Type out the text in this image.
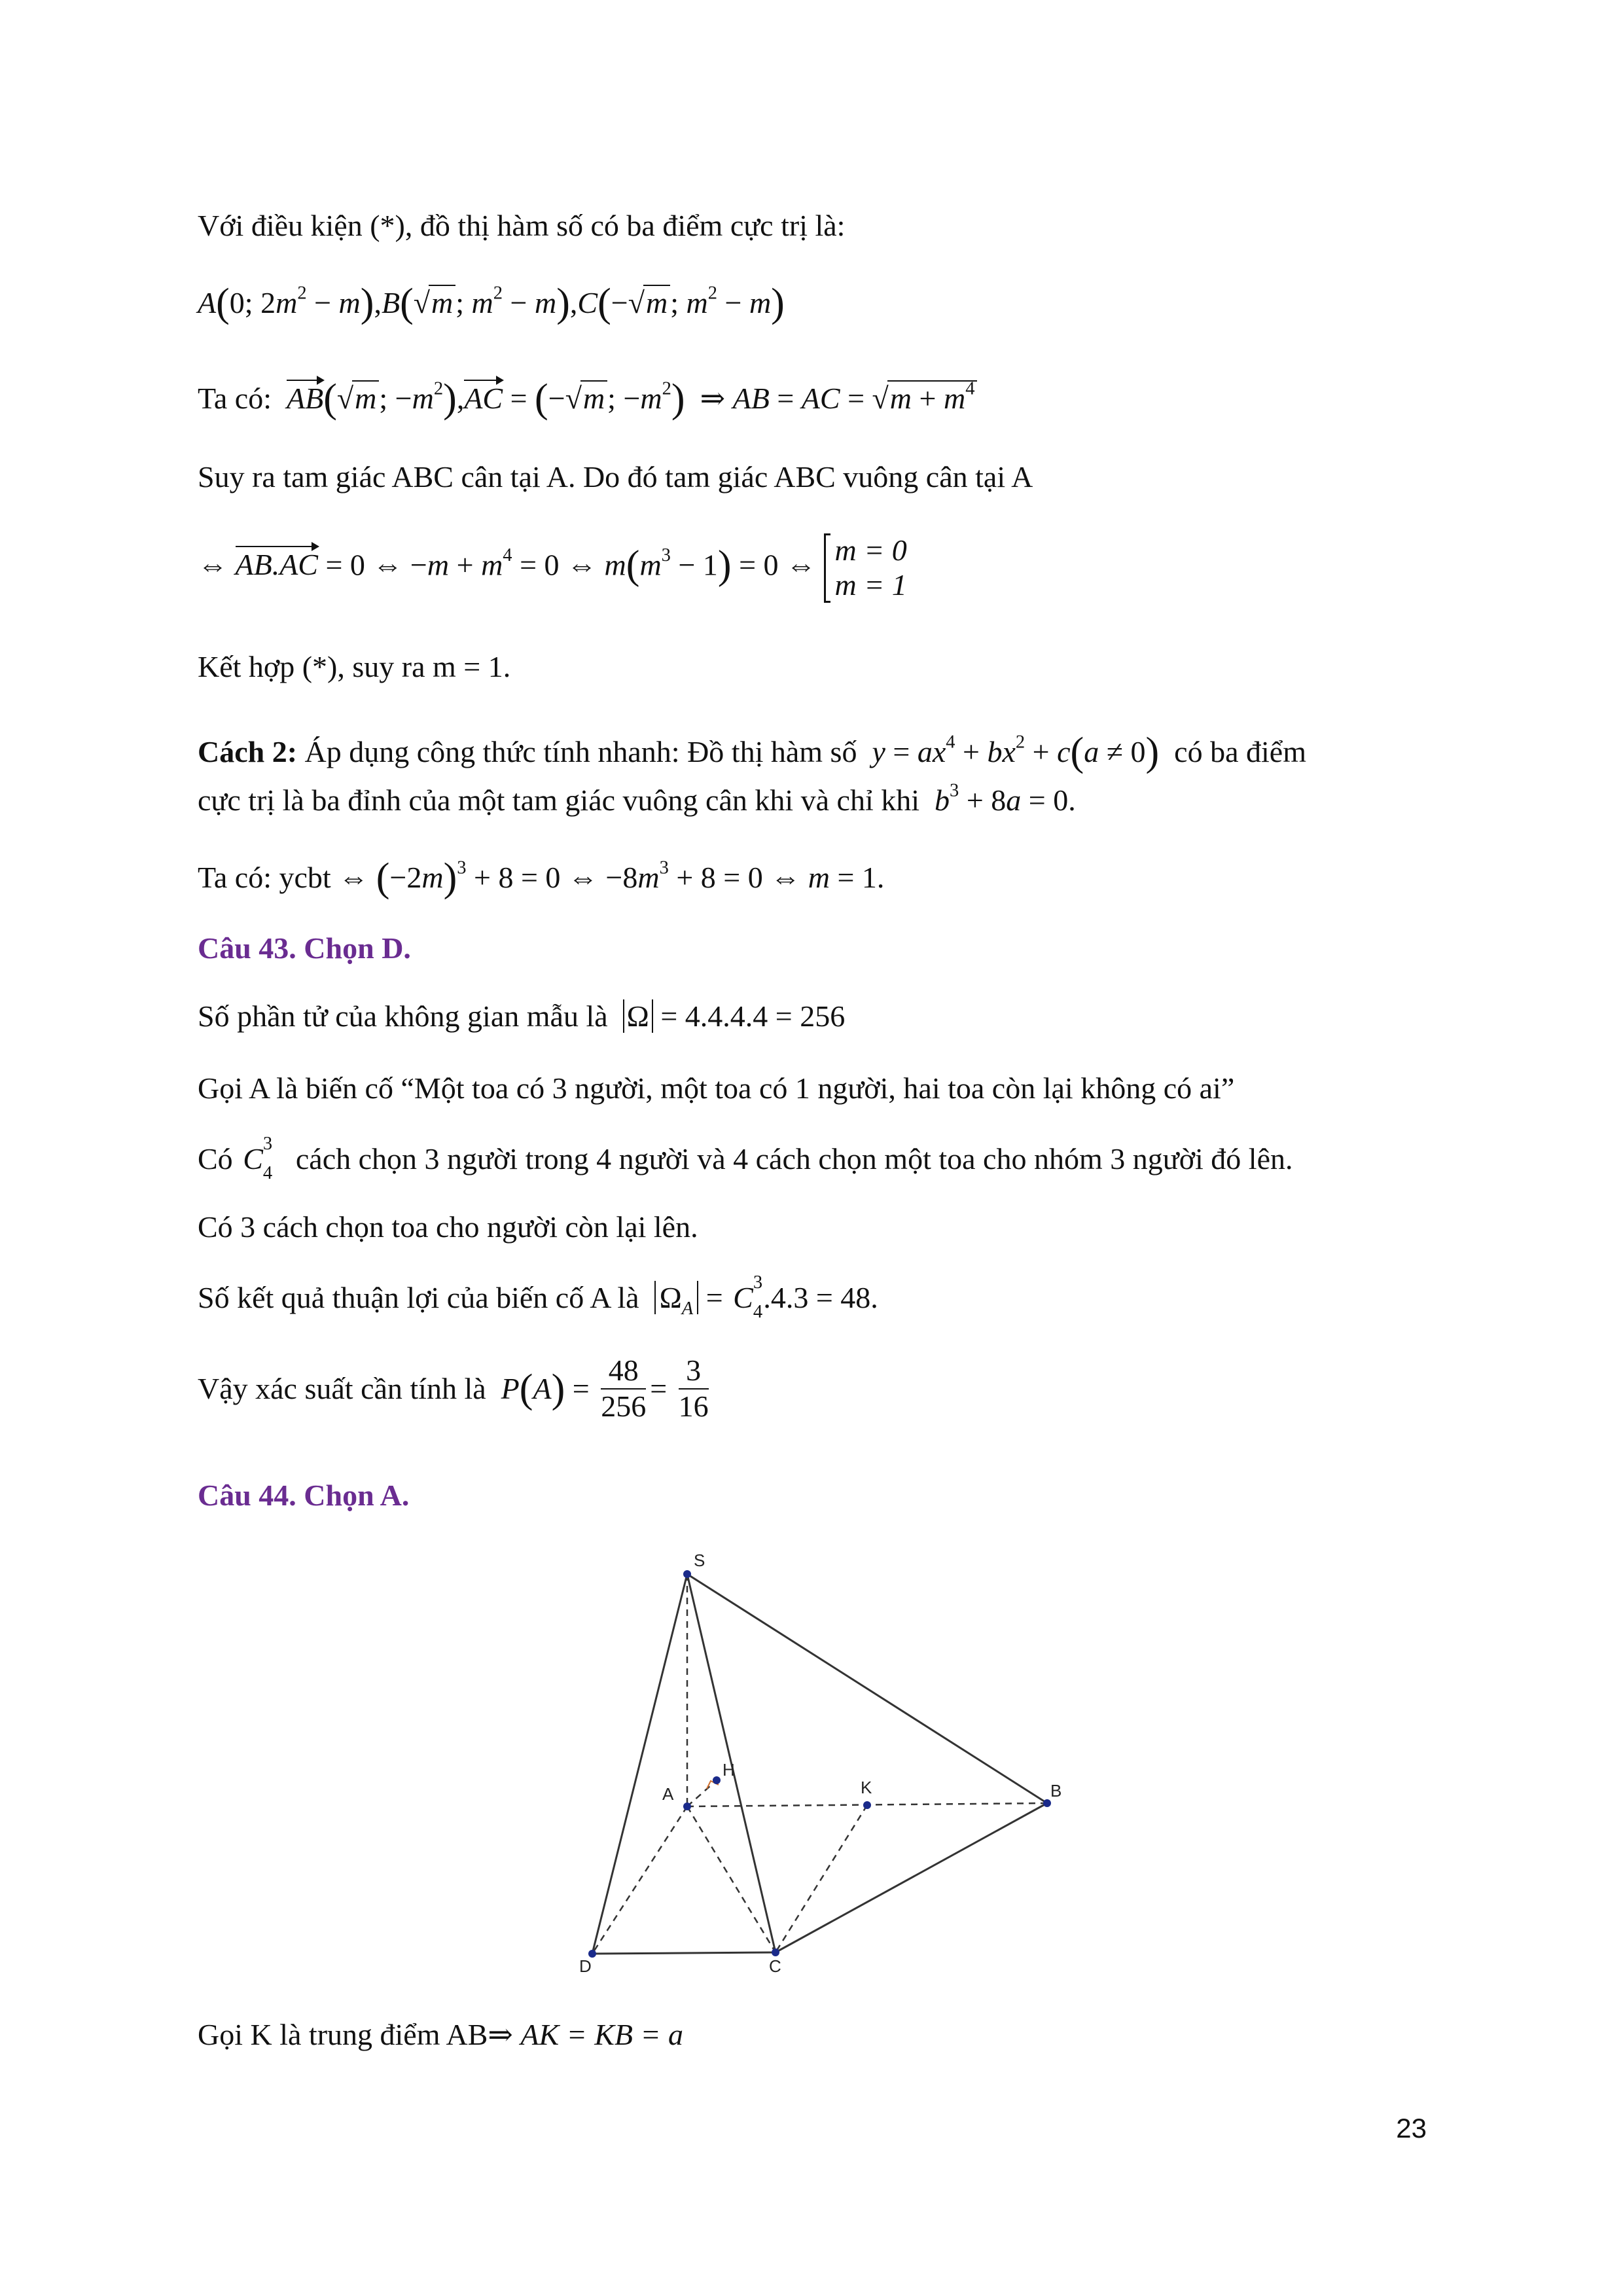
Với điều kiện (*), đồ thị hàm số có ba điểm cực trị là:
A(0; $2m^2 - m),B(√m$; $m^2 - m),C(-√m$; $m^2 - m$)
Ta có: AB
(√m; $-m^2),AC$
= (−√m; $-m^2$)  ⇒ AB = AC = $√m + m^4$
Suy ra tam giác ABC cân tại A. Do đó tam giác ABC vuông cân tại A
⇔ AB.AC
= 0 ⇔ $-m + m^4 = 0$ ⇔ $m(m^3 - 1) = 0$ ⇔ m = 0
m = 1
Kết hợp (*), suy ra m = 1.
Cách 2: Áp dụng công thức tính nhanh: Đồ thị hàm số $y = ax^4 + bx^2 + c(a \ne 0)$ có ba điểm
cực trị là ba đỉnh của một tam giác vuông cân khi và chỉ khi $b^3 + 8a = 0$.
Ta có: ycbt ⇔ $(-2m)^3 + 8 = 0$ ⇔ $-8m^3 + 8 = 0$ ⇔ m = 1.
Câu 43. Chọn D.
Số phần tử của không gian mẫu là Ω = 4.4.4.4 = 256
Gọi A là biến cố “Một toa có 3 người, một toa có 1 người, hai toa còn lại không có ai”
Có C 3
4 cách chọn 3 người trong 4 người và 4 cách chọn một toa cho nhóm 3 người đó lên.
Có 3 cách chọn toa cho người còn lại lên.
Số kết quả thuận lợi của biến cố A là $\Omega_A = C$ 3
4 .4.3 = 48.
Vậy xác suất cần tính là $P(A) = \frac{48}{256} = \frac{3}{16}$
Câu 44. Chọn A.
S
H
A	K	B
D	C
Gọi K là trung điểm AB⇒ AK = KB = a
23
